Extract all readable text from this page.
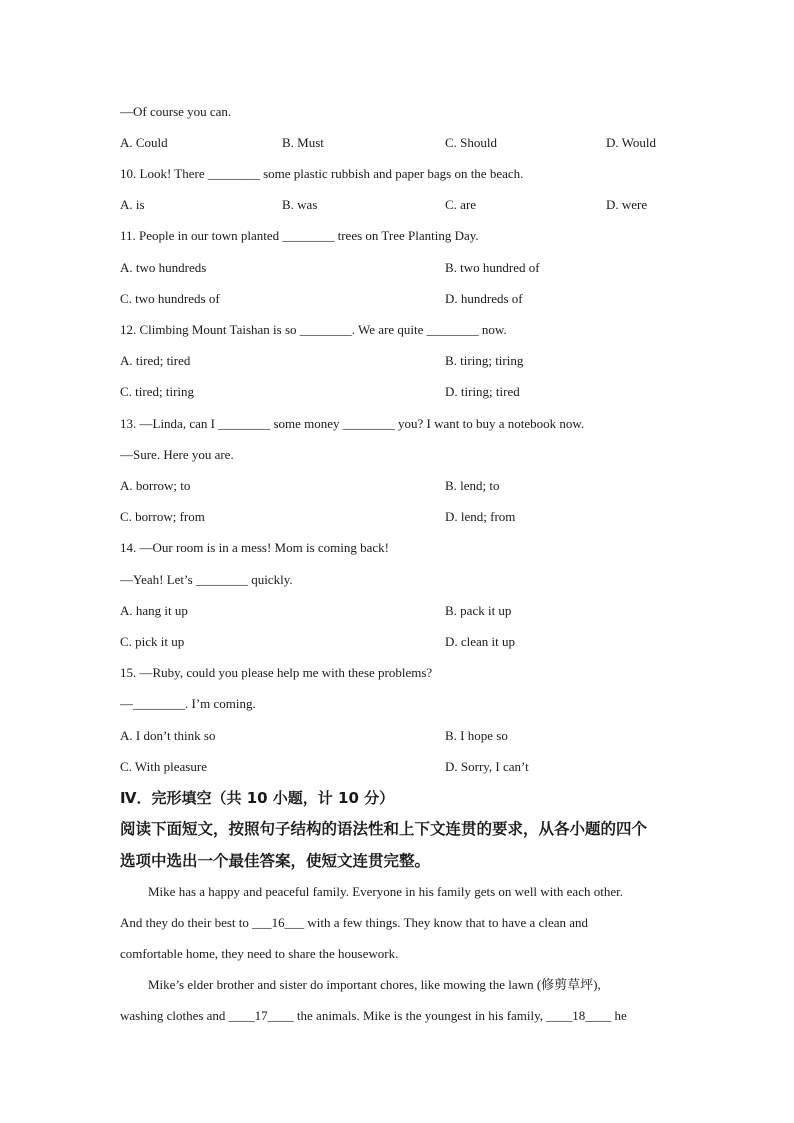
—Of course you can.
A. Could	B. Must	C. Should	D. Would
10. Look! There ________ some plastic rubbish and paper bags on the beach.
A. is	B. was	C. are	D. were
11. People in our town planted ________ trees on Tree Planting Day.
A. two hundreds	B. two hundred of
C. two hundreds of	D. hundreds of
12. Climbing Mount Taishan is so ________. We are quite ________ now.
A. tired; tired	B. tiring; tiring
C. tired; tiring	D. tiring; tired
13. —Linda, can I ________ some money ________ you? I want to buy a notebook now.
—Sure. Here you are.
A. borrow; to	B. lend; to
C. borrow; from	D. lend; from
14. —Our room is in a mess! Mom is coming back!
—Yeah! Let’s ________ quickly.
A. hang it up	B. pack it up
C. pick it up	D. clean it up
15. —Ruby, could you please help me with these problems?
—________. I’m coming.
A. I don’t think so	B. I hope so
C. With pleasure	D. Sorry, I can’t
Ⅳ．完形填空（共 10 小题，计 10 分）
阅读下面短文，按照句子结构的语法性和上下文连贯的要求，从各小题的四个
选项中选出一个最佳答案，使短文连贯完整。
Mike has a happy and peaceful family. Everyone in his family gets on well with each other.
And they do their best to ___16___ with a few things. They know that to have a clean and
comfortable home, they need to share the housework.
Mike’s elder brother and sister do important chores, like mowing the lawn (修剪草坪),
washing clothes and ____17____ the animals. Mike is the youngest in his family, ____18____ he
